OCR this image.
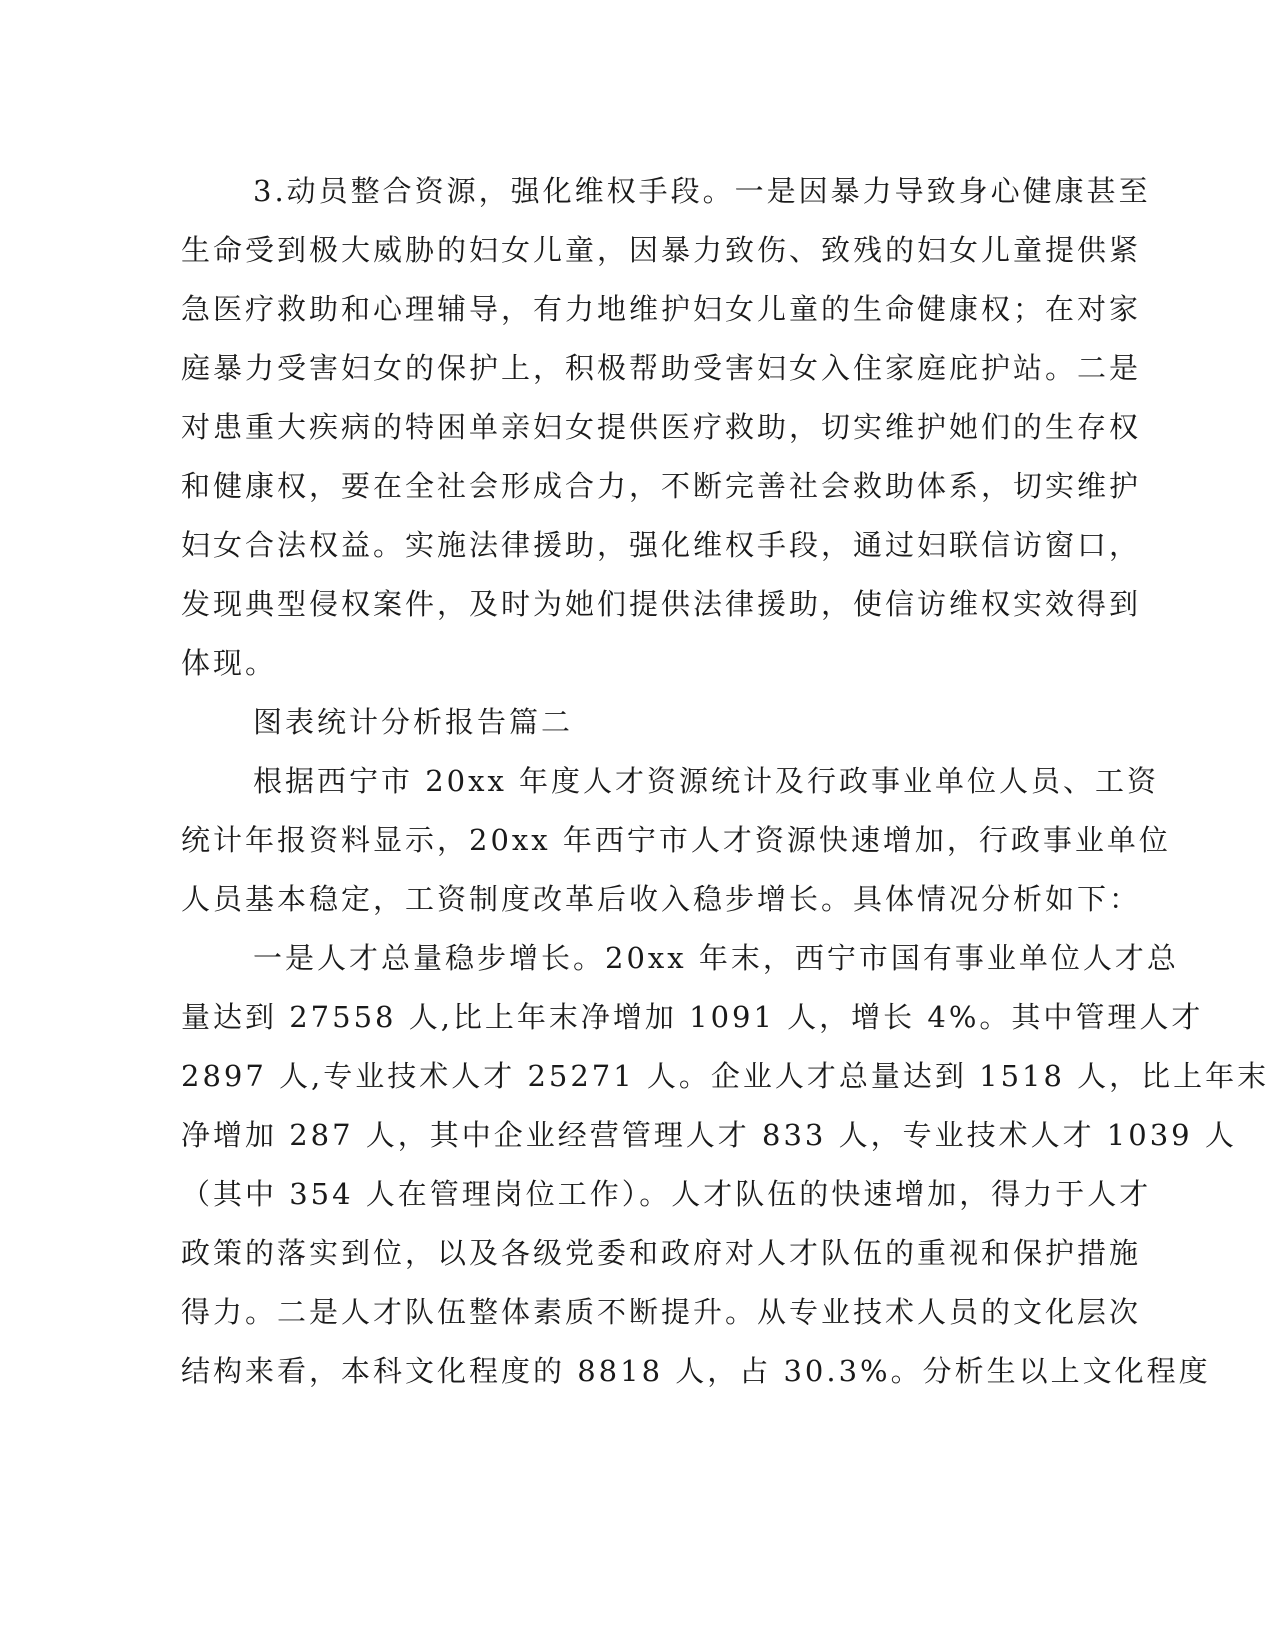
3.动员整合资源，强化维权手段。一是因暴力导致身心健康甚至
生命受到极大威胁的妇女儿童，因暴力致伤、致残的妇女儿童提供紧
急医疗救助和心理辅导，有力地维护妇女儿童的生命健康权；在对家
庭暴力受害妇女的保护上，积极帮助受害妇女入住家庭庇护站。二是
对患重大疾病的特困单亲妇女提供医疗救助，切实维护她们的生存权
和健康权，要在全社会形成合力，不断完善社会救助体系，切实维护
妇女合法权益。实施法律援助，强化维权手段，通过妇联信访窗口，
发现典型侵权案件，及时为她们提供法律援助，使信访维权实效得到
体现。
图表统计分析报告篇二
根据西宁市 20xx 年度人才资源统计及行政事业单位人员、工资
统计年报资料显示，20xx 年西宁市人才资源快速增加，行政事业单位
人员基本稳定，工资制度改革后收入稳步增长。具体情况分析如下：
一是人才总量稳步增长。20xx 年末，西宁市国有事业单位人才总
量达到 27558 人,比上年末净增加 1091 人，增长 4%。其中管理人才
2897 人,专业技术人才 25271 人。企业人才总量达到 1518 人，比上年末
净增加 287 人，其中企业经营管理人才 833 人，专业技术人才 1039 人
（其中 354 人在管理岗位工作）。人才队伍的快速增加，得力于人才
政策的落实到位，以及各级党委和政府对人才队伍的重视和保护措施
得力。二是人才队伍整体素质不断提升。从专业技术人员的文化层次
结构来看，本科文化程度的 8818 人，占 30.3%。分析生以上文化程度
